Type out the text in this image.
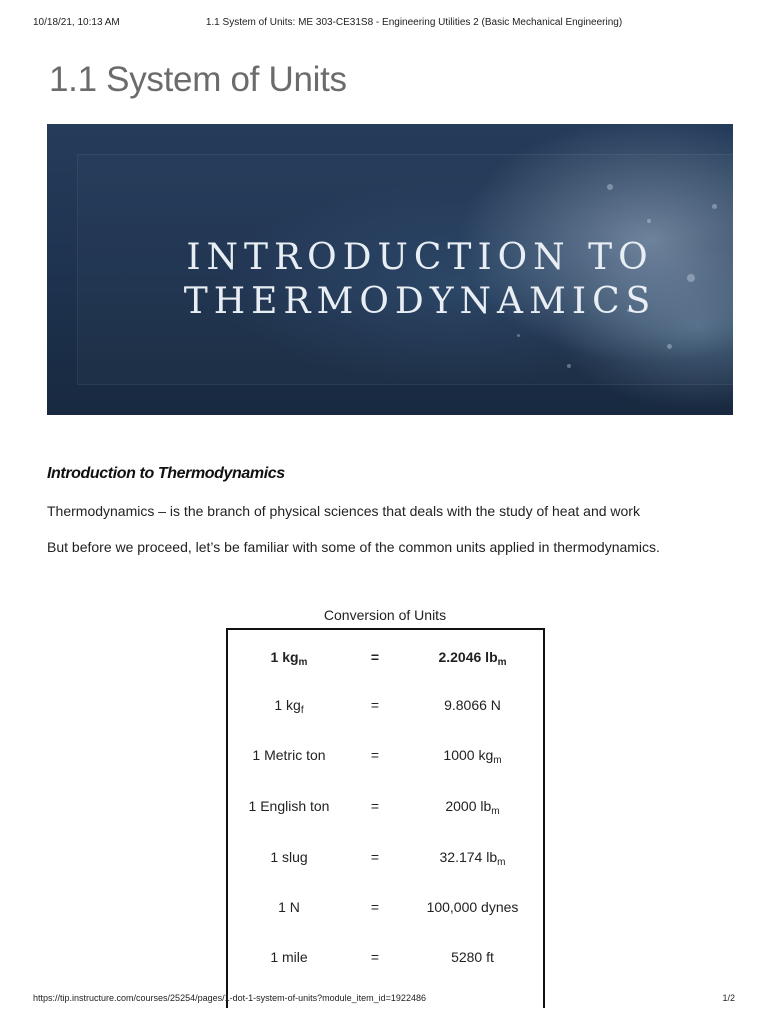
10/18/21, 10:13 AM	1.1 System of Units: ME 303-CE31S8 - Engineering Utilities 2 (Basic Mechanical Engineering)
1.1 System of Units
INTRODUCTION TO
THERMODYNAMICS
Introduction to Thermodynamics

Thermodynamics – is the branch of physical sciences that deals with the study of heat and work

But before we proceed, let’s be familiar with some of the common units applied in thermodynamics.

Conversion of Units
1 $kg_m$	=	2.2046 $lb_m$
1 $kg_f$	=	9.8066 N
1 Metric ton	=	1000 $kg_m$
1 English ton	=	2000 $lb_m$
1 slug	=	32.174 $lb_m$
1 N	=	100,000 dynes
1 mile	=	5280 ft
https://tip.instructure.com/courses/25254/pages/1-dot-1-system-of-units?module_item_id=1922486	1/2
